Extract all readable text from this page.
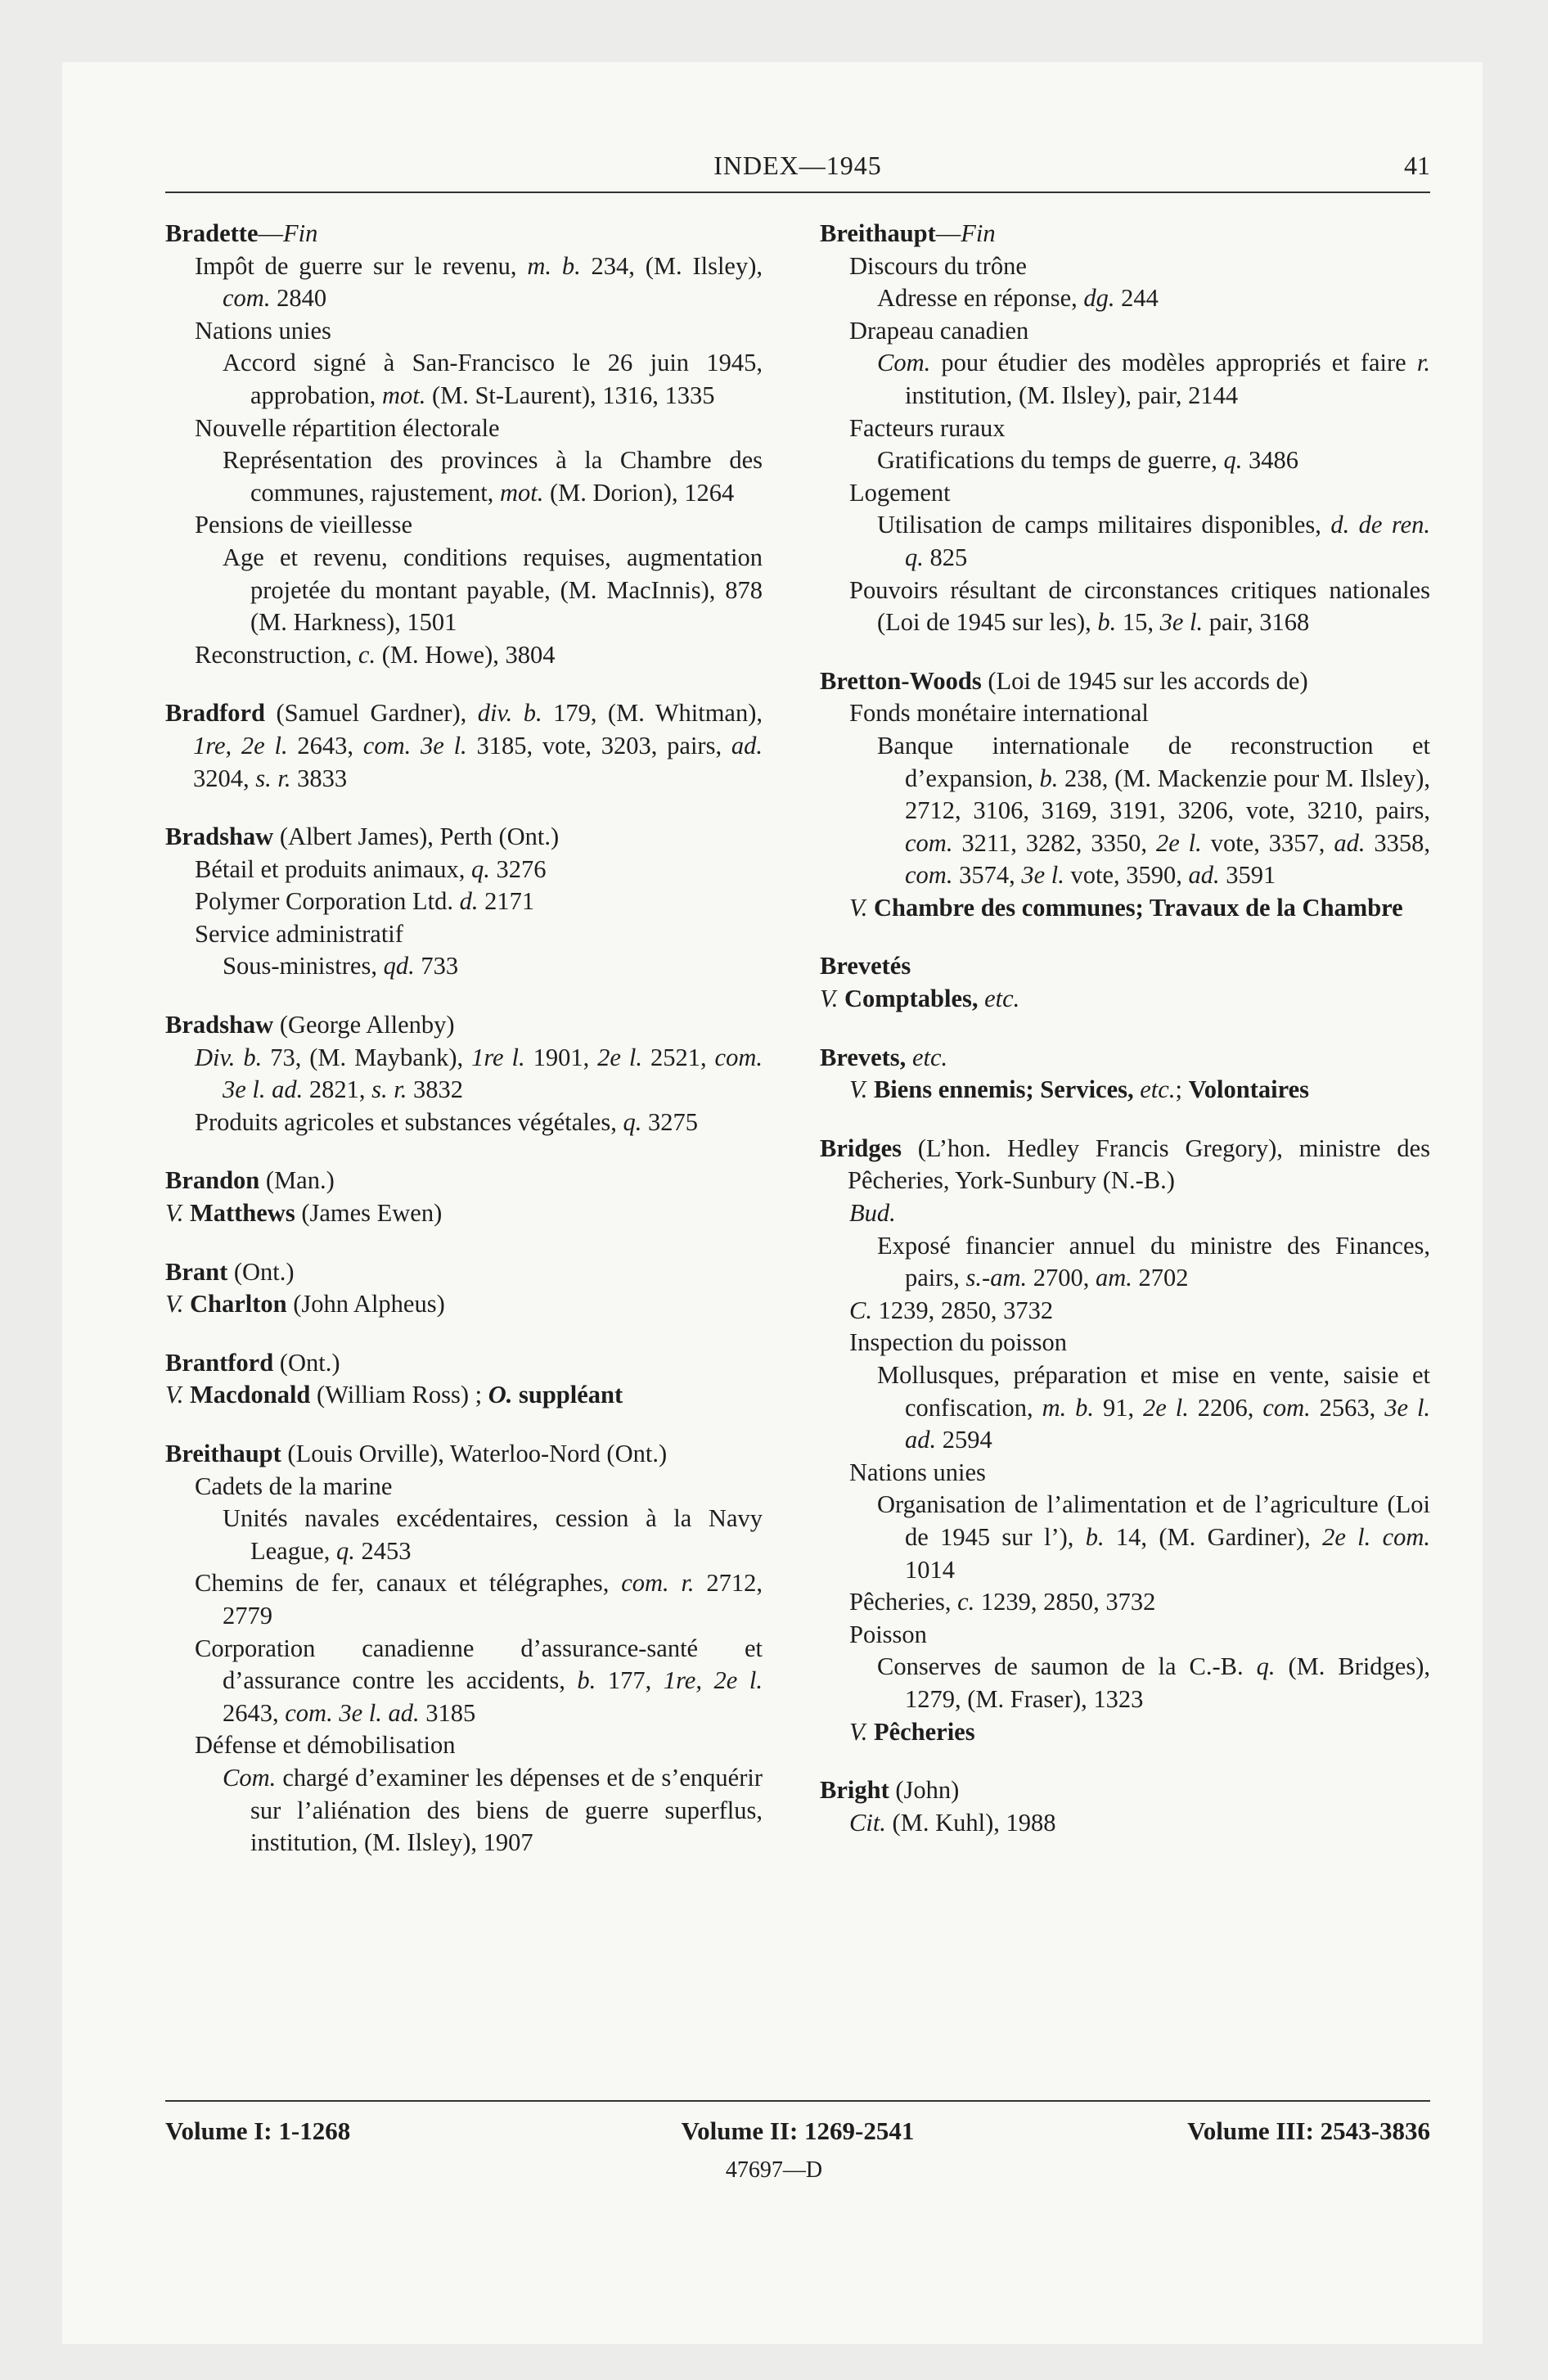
INDEX—1945	41

Bradette—Fin

Impôt de guerre sur le revenu, m. b. 234, (M. Ilsley), com. 2840

Nations unies

Accord signé à San-Francisco le 26 juin 1945, approbation, mot. (M. St-Laurent), 1316, 1335

Nouvelle répartition électorale

Représentation des provinces à la Chambre des communes, rajustement, mot. (M. Dorion), 1264

Pensions de vieillesse

Age et revenu, conditions requises, augmentation projetée du montant payable, (M. MacInnis), 878 (M. Harkness), 1501

Reconstruction, c. (M. Howe), 3804

Bradford (Samuel Gardner), div. b. 179, (M. Whitman), 1re, 2e l. 2643, com. 3e l. 3185, vote, 3203, pairs, ad. 3204, s. r. 3833

Bradshaw (Albert James), Perth (Ont.)

Bétail et produits animaux, q. 3276

Polymer Corporation Ltd. d. 2171

Service administratif

Sous-ministres, qd. 733

Bradshaw (George Allenby)

Div. b. 73, (M. Maybank), 1re l. 1901, 2e l. 2521, com. 3e l. ad. 2821, s. r. 3832

Produits agricoles et substances végétales, q. 3275

Brandon (Man.)

V. Matthews (James Ewen)

Brant (Ont.)

V. Charlton (John Alpheus)

Brantford (Ont.)

V. Macdonald (William Ross) ; O. suppléant

Breithaupt (Louis Orville), Waterloo-Nord (Ont.)

Cadets de la marine

Unités navales excédentaires, cession à la Navy League, q. 2453

Chemins de fer, canaux et télégraphes, com. r. 2712, 2779

Corporation canadienne d’assurance-santé et d’assurance contre les accidents, b. 177, 1re, 2e l. 2643, com. 3e l. ad. 3185

Défense et démobilisation

Com. chargé d’examiner les dépenses et de s’enquérir sur l’aliénation des biens de guerre superflus, institution, (M. Ilsley), 1907

Breithaupt—Fin

Discours du trône

Adresse en réponse, dg. 244

Drapeau canadien

Com. pour étudier des modèles appropriés et faire r. institution, (M. Ilsley), pair, 2144

Facteurs ruraux

Gratifications du temps de guerre, q. 3486

Logement

Utilisation de camps militaires disponibles, d. de ren. q. 825

Pouvoirs résultant de circonstances critiques nationales (Loi de 1945 sur les), b. 15, 3e l. pair, 3168

Bretton-Woods (Loi de 1945 sur les accords de)

Fonds monétaire international

Banque internationale de reconstruction et d’expansion, b. 238, (M. Mackenzie pour M. Ilsley), 2712, 3106, 3169, 3191, 3206, vote, 3210, pairs, com. 3211, 3282, 3350, 2e l. vote, 3357, ad. 3358, com. 3574, 3e l. vote, 3590, ad. 3591

V. Chambre des communes; Travaux de la Chambre

Brevetés

V. Comptables, etc.

Brevets, etc.

V. Biens ennemis; Services, etc.; Volontaires

Bridges (L’hon. Hedley Francis Gregory), ministre des Pêcheries, York-Sunbury (N.-B.)

Bud.

Exposé financier annuel du ministre des Finances, pairs, s.-am. 2700, am. 2702

C. 1239, 2850, 3732

Inspection du poisson

Mollusques, préparation et mise en vente, saisie et confiscation, m. b. 91, 2e l. 2206, com. 2563, 3e l. ad. 2594

Nations unies

Organisation de l’alimentation et de l’agriculture (Loi de 1945 sur l’), b. 14, (M. Gardiner), 2e l. com. 1014

Pêcheries, c. 1239, 2850, 3732

Poisson

Conserves de saumon de la C.-B. q. (M. Bridges), 1279, (M. Fraser), 1323

V. Pêcheries

Bright (John)

Cit. (M. Kuhl), 1988

Volume I: 1-1268	Volume II: 1269-2541	Volume III: 2543-3836
47697—D
